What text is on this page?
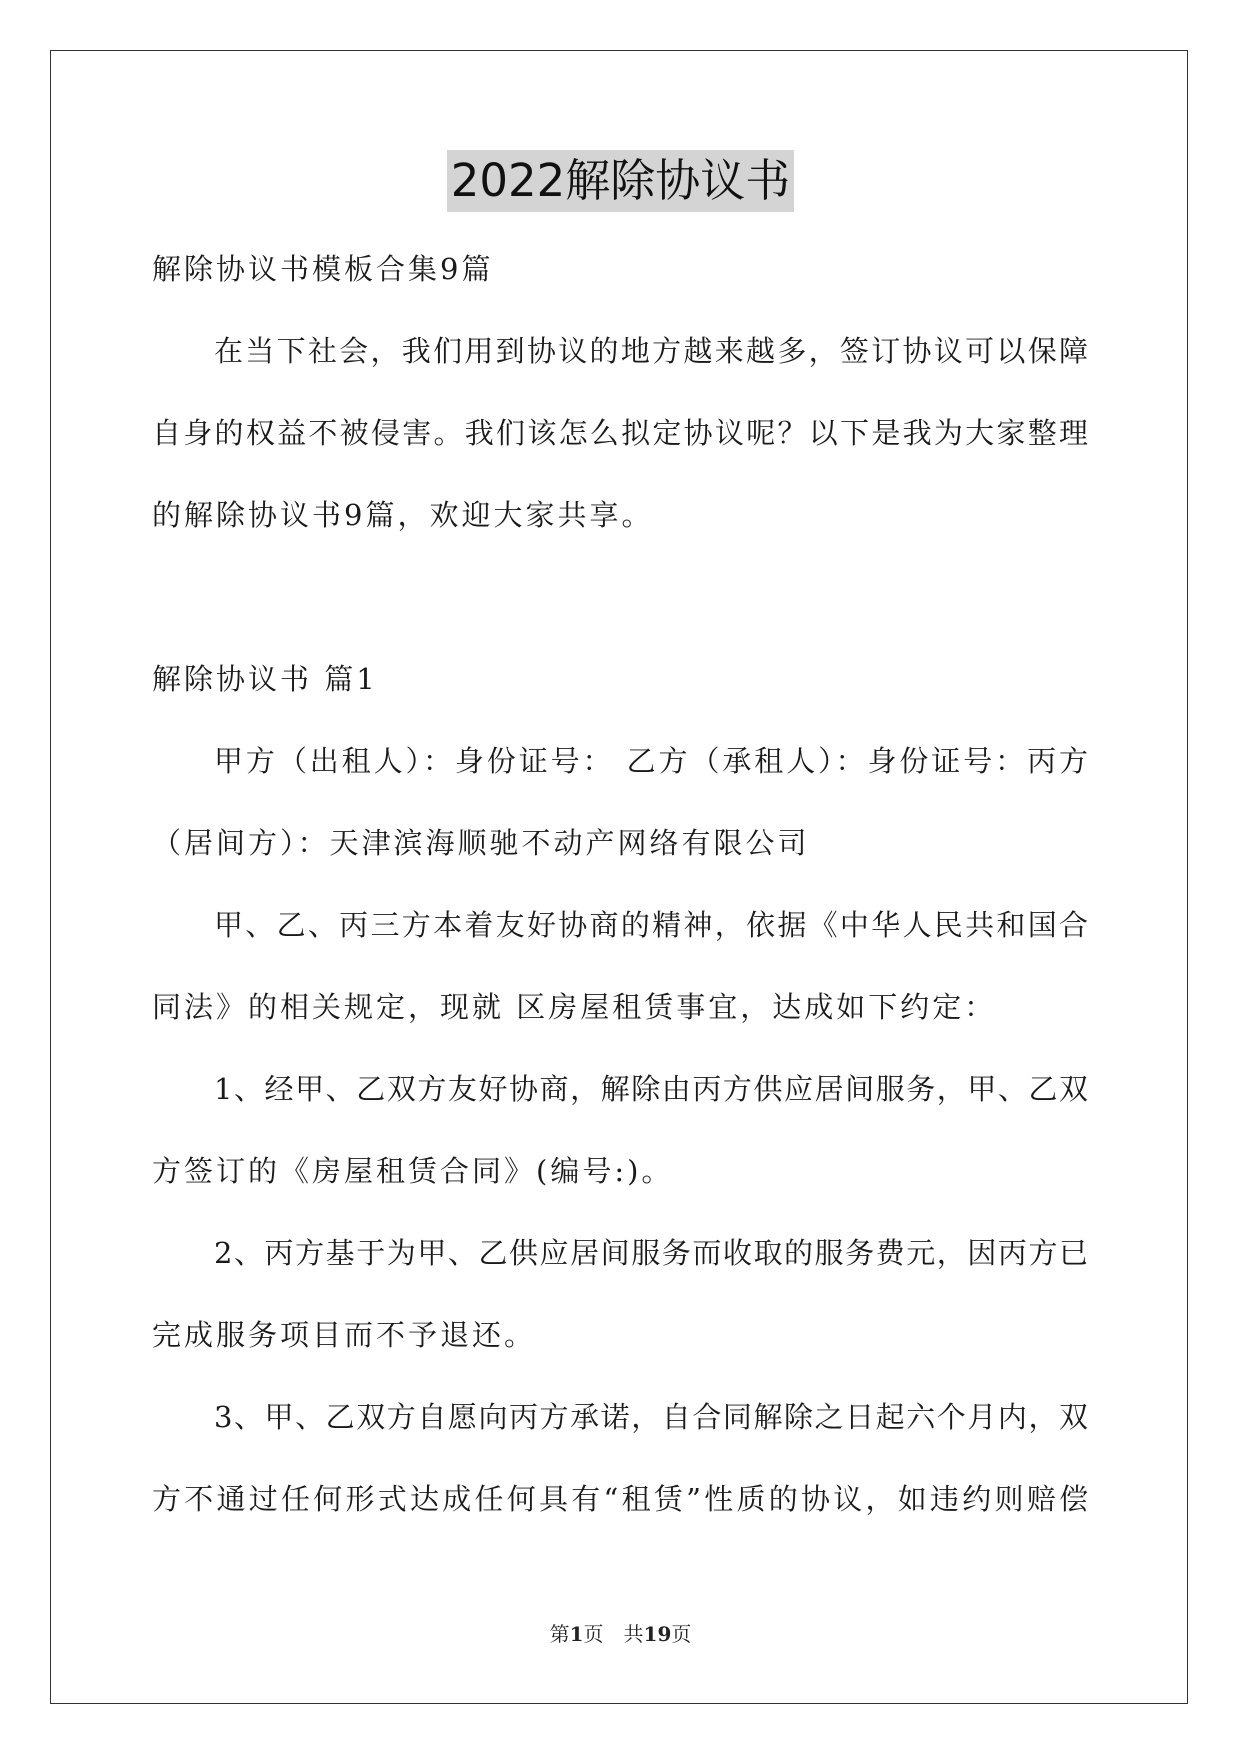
2022解除协议书
解除协议书模板合集9篇
在当下社会，我们用到协议的地方越来越多，签订协议可以保障
自身的权益不被侵害。我们该怎么拟定协议呢？以下是我为大家整理
的解除协议书9篇，欢迎大家共享。
解除协议书 篇1
甲方（出租人）：身份证号： 乙方（承租人）：身份证号：丙方
（居间方）：天津滨海顺驰不动产网络有限公司
甲、乙、丙三方本着友好协商的精神，依据《中华人民共和国合
同法》的相关规定，现就 区房屋租赁事宜，达成如下约定：
1、经甲、乙双方友好协商，解除由丙方供应居间服务，甲、乙双
方签订的《房屋租赁合同》(编号:)。
2、丙方基于为甲、乙供应居间服务而收取的服务费元，因丙方已
完成服务项目而不予退还。
3、甲、乙双方自愿向丙方承诺，自合同解除之日起六个月内，双
方不通过任何形式达成任何具有“租赁”性质的协议，如违约则赔偿
第1页　共19页
